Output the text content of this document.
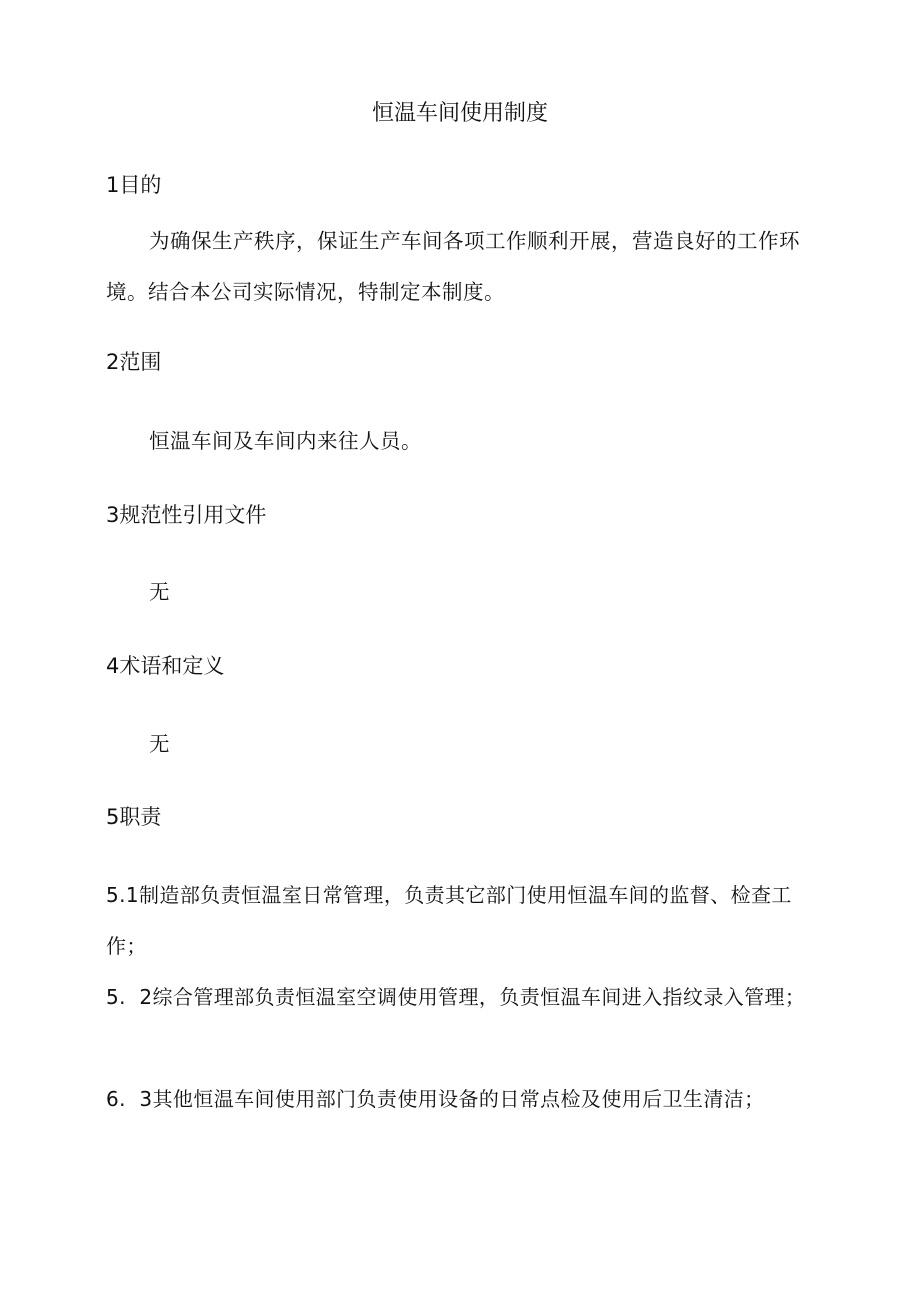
恒温车间使用制度
1目的
为确保生产秩序，保证生产车间各项工作顺利开展，营造良好的工作环境。结合本公司实际情况，特制定本制度。
2范围
恒温车间及车间内来往人员。
3规范性引用文件
无
4术语和定义
无
5职责
5.1制造部负责恒温室日常管理，负责其它部门使用恒温车间的监督、检查工作；
5.  2综合管理部负责恒温室空调使用管理，负责恒温车间进入指纹录入管理；
6.  3其他恒温车间使用部门负责使用设备的日常点检及使用后卫生清洁；
